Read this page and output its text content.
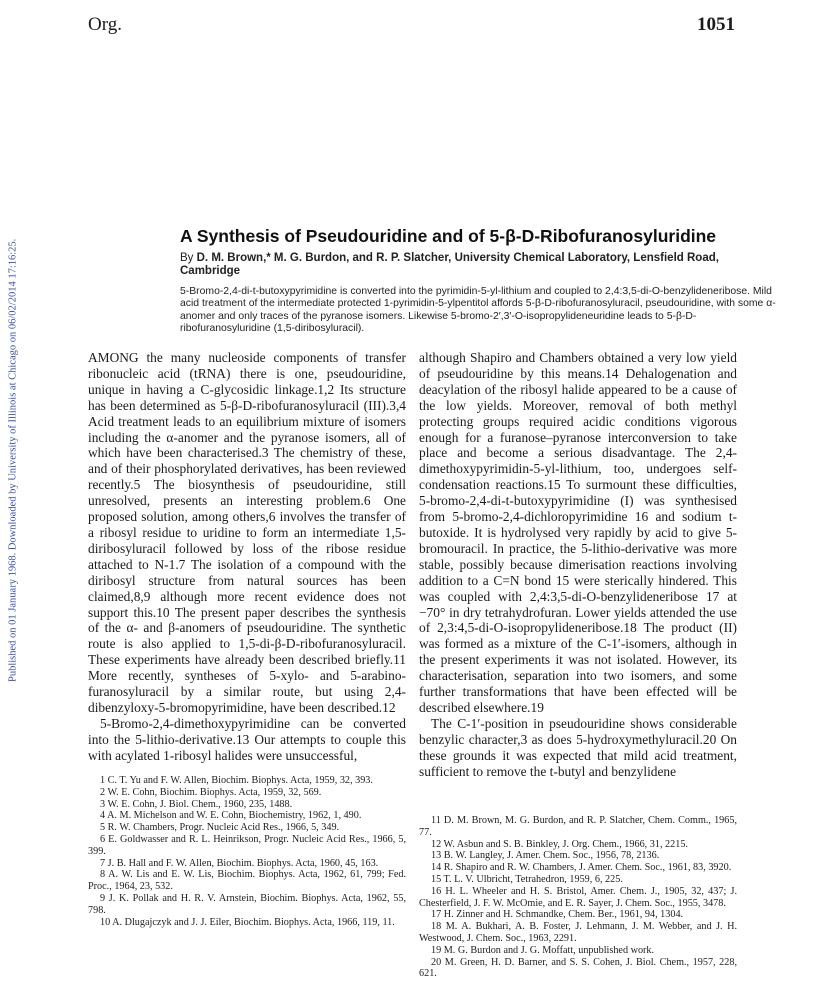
Published on 01 January 1968. Downloaded by University of Illinois at Chicago on 06/02/2014 17:16:25.
Org.	1051
A Synthesis of Pseudouridine and of 5-β-D-Ribofuranosyluridine
By D. M. Brown,* M. G. Burdon, and R. P. Slatcher, University Chemical Laboratory, Lensfield Road, Cambridge
5-Bromo-2,4-di-t-butoxypyrimidine is converted into the pyrimidin-5-yl-lithium and coupled to 2,4:3,5-di-O-benzylideneribose. Mild acid treatment of the intermediate protected 1-pyrimidin-5-ylpentitol affords 5-β-D-ribofuranosyluracil, pseudouridine, with some α-anomer and only traces of the pyranose isomers. Likewise 5-bromo-2′,3′-O-isopropylideneuridine leads to 5-β-D-ribofuranosyluridine (1,5-diribosyluracil).

AMONG the many nucleoside components of transfer ribonucleic acid (tRNA) there is one, pseudouridine, unique in having a C-glycosidic linkage.1,2 Its structure has been determined as 5-β-D-ribofuranosyluracil (III).3,4 Acid treatment leads to an equilibrium mixture of isomers including the α-anomer and the pyranose isomers, all of which have been characterised.3 The chemistry of these, and of their phosphorylated derivatives, has been reviewed recently.5 The biosynthesis of pseudouridine, still unresolved, presents an interesting problem.6 One proposed solution, among others,6 involves the transfer of a ribosyl residue to uridine to form an intermediate 1,5-diribosyluracil followed by loss of the ribose residue attached to N-1.7 The isolation of a compound with the diribosyl structure from natural sources has been claimed,8,9 although more recent evidence does not support this.10 The present paper describes the synthesis of the α- and β-anomers of pseudouridine. The synthetic route is also applied to 1,5-di-β-D-ribofuranosyluracil. These experiments have already been described briefly.11 More recently, syntheses of 5-xylo- and 5-arabino-furanosyluracil by a similar route, but using 2,4-dibenzyloxy-5-bromopyrimidine, have been described.12

5-Bromo-2,4-dimethoxypyrimidine can be converted into the 5-lithio-derivative.13 Our attempts to couple this with acylated 1-ribosyl halides were unsuccessful,

although Shapiro and Chambers obtained a very low yield of pseudouridine by this means.14 Dehalogenation and deacylation of the ribosyl halide appeared to be a cause of the low yields. Moreover, removal of both methyl protecting groups required acidic conditions vigorous enough for a furanose–pyranose interconversion to take place and become a serious disadvantage. The 2,4-dimethoxypyrimidin-5-yl-lithium, too, undergoes self-condensation reactions.15 To surmount these difficulties, 5-bromo-2,4-di-t-butoxypyrimidine (I) was synthesised from 5-bromo-2,4-dichloropyrimidine 16 and sodium t-butoxide. It is hydrolysed very rapidly by acid to give 5-bromouracil. In practice, the 5-lithio-derivative was more stable, possibly because dimerisation reactions involving addition to a C=N bond 15 were sterically hindered. This was coupled with 2,4:3,5-di-O-benzylideneribose 17 at −70° in dry tetrahydrofuran. Lower yields attended the use of 2,3:4,5-di-O-isopropylideneribose.18 The product (II) was formed as a mixture of the C-1′-isomers, although in the present experiments it was not isolated. However, its characterisation, separation into two isomers, and some further transformations that have been effected will be described elsewhere.19

The C-1′-position in pseudouridine shows considerable benzylic character,3 as does 5-hydroxymethyluracil.20 On these grounds it was expected that mild acid treatment, sufficient to remove the t-butyl and benzylidene

1 C. T. Yu and F. W. Allen, Biochim. Biophys. Acta, 1959, 32, 393.

2 W. E. Cohn, Biochim. Biophys. Acta, 1959, 32, 569.

3 W. E. Cohn, J. Biol. Chem., 1960, 235, 1488.

4 A. M. Michelson and W. E. Cohn, Biochemistry, 1962, 1, 490.

5 R. W. Chambers, Progr. Nucleic Acid Res., 1966, 5, 349.

6 E. Goldwasser and R. L. Heinrikson, Progr. Nucleic Acid Res., 1966, 5, 399.

7 J. B. Hall and F. W. Allen, Biochim. Biophys. Acta, 1960, 45, 163.

8 A. W. Lis and E. W. Lis, Biochim. Biophys. Acta, 1962, 61, 799; Fed. Proc., 1964, 23, 532.

9 J. K. Pollak and H. R. V. Arnstein, Biochim. Biophys. Acta, 1962, 55, 798.

10 A. Dlugajczyk and J. J. Eiler, Biochim. Biophys. Acta, 1966, 119, 11.

11 D. M. Brown, M. G. Burdon, and R. P. Slatcher, Chem. Comm., 1965, 77.

12 W. Asbun and S. B. Binkley, J. Org. Chem., 1966, 31, 2215.

13 B. W. Langley, J. Amer. Chem. Soc., 1956, 78, 2136.

14 R. Shapiro and R. W. Chambers, J. Amer. Chem. Soc., 1961, 83, 3920.

15 T. L. V. Ulbricht, Tetrahedron, 1959, 6, 225.

16 H. L. Wheeler and H. S. Bristol, Amer. Chem. J., 1905, 32, 437; J. Chesterfield, J. F. W. McOmie, and E. R. Sayer, J. Chem. Soc., 1955, 3478.

17 H. Zinner and H. Schmandke, Chem. Ber., 1961, 94, 1304.

18 M. A. Bukhari, A. B. Foster, J. Lehmann, J. M. Webber, and J. H. Westwood, J. Chem. Soc., 1963, 2291.

19 M. G. Burdon and J. G. Moffatt, unpublished work.

20 M. Green, H. D. Barner, and S. S. Cohen, J. Biol. Chem., 1957, 228, 621.
